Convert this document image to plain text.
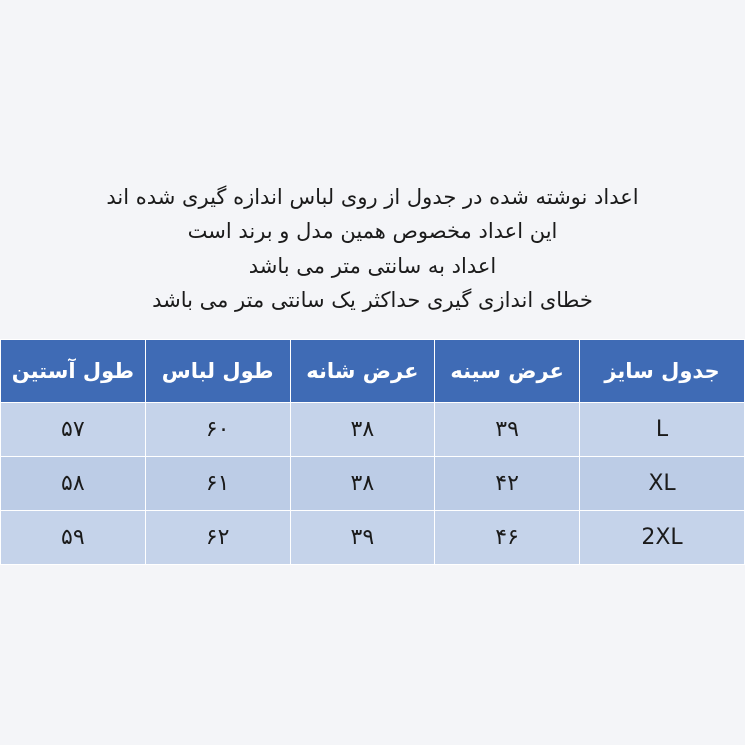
اعداد نوشته شده در جدول از روی لباس اندازه گیری شده اند
این اعداد مخصوص همین مدل و برند است
اعداد به سانتی متر می باشد
خطای اندازی گیری حداکثر یک سانتی متر می باشد
جدول سایز	عرض سینه	عرض شانه	طول لباس	طول آستین
L	۳۹	۳۸	۶۰	۵۷
XL	۴۲	۳۸	۶۱	۵۸
2XL	۴۶	۳۹	۶۲	۵۹
